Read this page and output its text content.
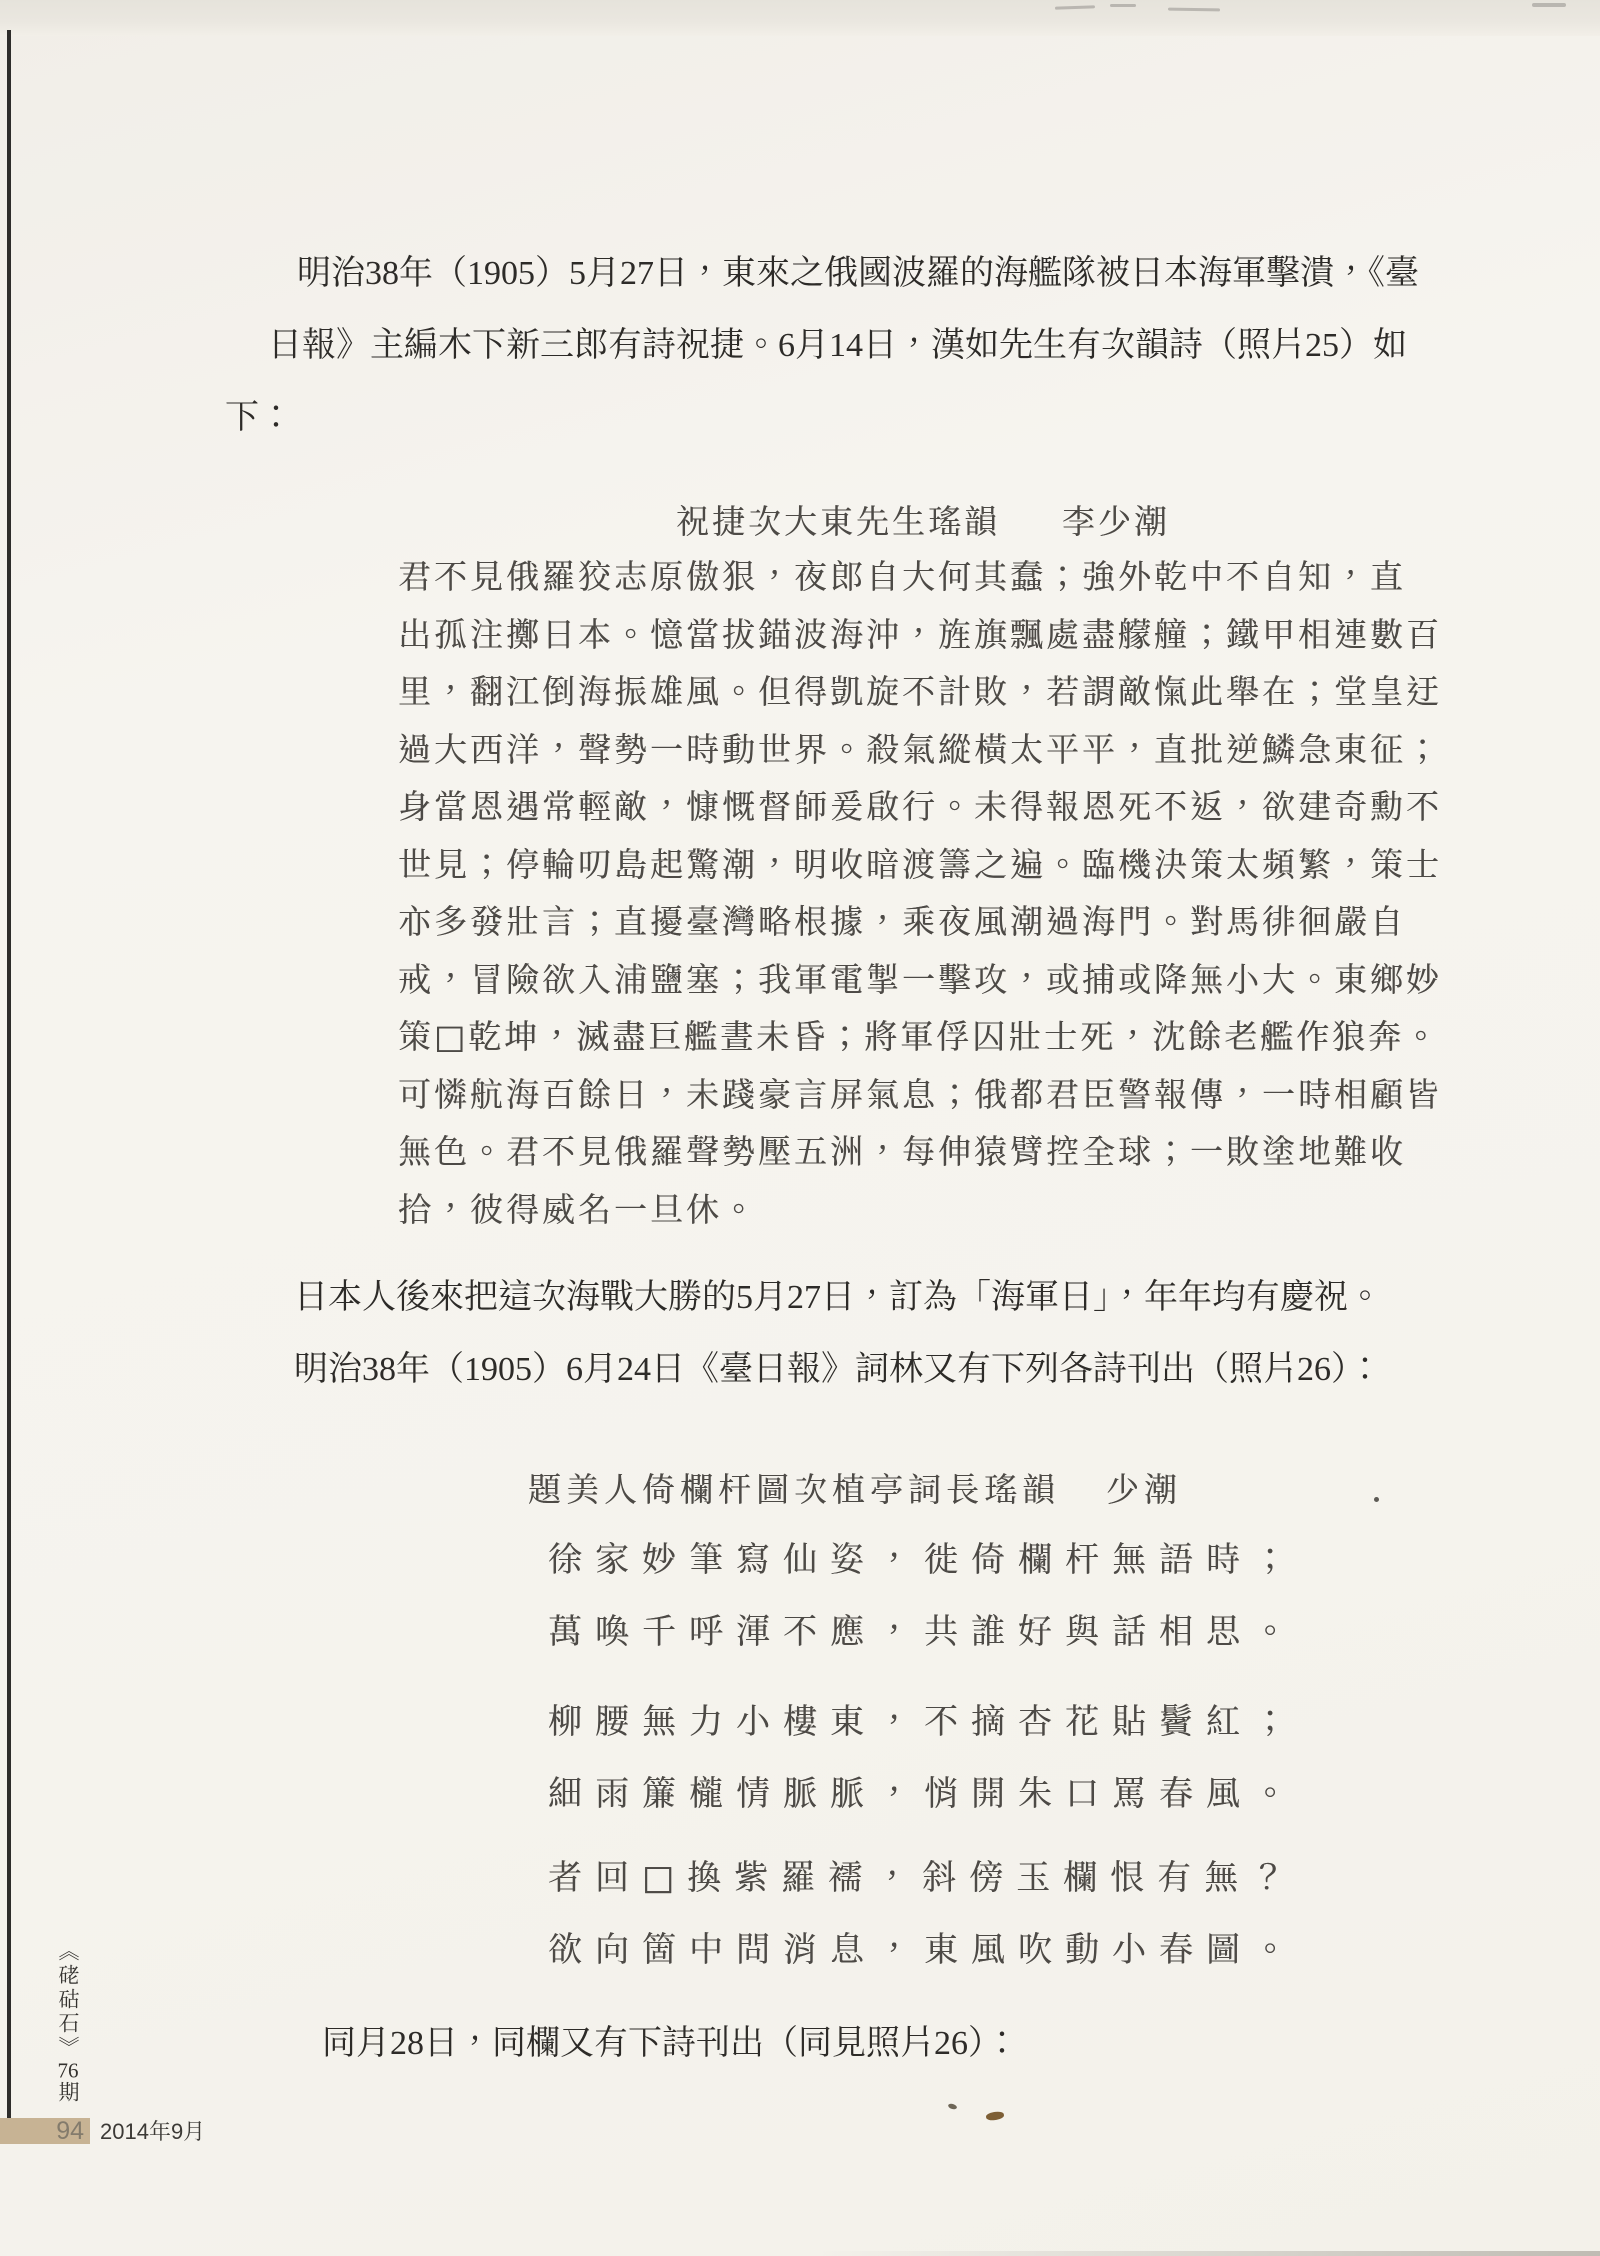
明治38年（1905）5月27日，東來之俄國波羅的海艦隊被日本海軍擊潰，《臺
日報》主編木下新三郎有詩祝捷。6月14日，漢如先生有次韻詩（照片25）如
下：
祝捷次大東先生瑤韻 李少潮
君不見俄羅狡志原傲狠，夜郎自大何其蠢；強外乾中不自知，直
出孤注擲日本。憶當拔錨波海沖，旌旗飄處盡艨艟；鐵甲相連數百
里，翻江倒海振雄風。但得凱旋不計敗，若謂敵愾此舉在；堂皇迂
過大西洋，聲勢一時動世界。殺氣縱橫太平平，直批逆鱗急東征；
身當恩遇常輕敵，慷慨督師爰啟行。未得報恩死不返，欲建奇勳不
世見；停輪叨島起驚潮，明收暗渡籌之遍。臨機決策太頻繁，策士
亦多發壯言；直擾臺灣略根據，乘夜風潮過海門。對馬徘徊嚴自
戒，冒險欲入浦鹽塞；我軍電掣一擊攻，或捕或降無小大。東鄉妙
策□乾坤，滅盡巨艦晝未昏；將軍俘囚壯士死，沈餘老艦作狼奔。
可憐航海百餘日，未踐豪言屏氣息；俄都君臣警報傳，一時相顧皆
無色。君不見俄羅聲勢壓五洲，每伸猿臂控全球；一敗塗地難收
拾，彼得威名一旦休。
日本人後來把這次海戰大勝的5月27日，訂為「海軍日」，年年均有慶祝。
明治38年（1905）6月24日《臺日報》詞林又有下列各詩刊出（照片26）：
題美人倚欄杆圖次植亭詞長瑤韻 少潮
徐家妙筆寫仙姿，徙倚欄杆無語時；
萬喚千呼渾不應，共誰好與話相思。
柳腰無力小樓東，不摘杏花貼鬢紅；
細雨簾櫳情脈脈，悄開朱口罵春風。
者回□換紫羅襦，斜傍玉欄恨有無？
欲向箇中問消息，東風吹動小春圖。
同月28日，同欄又有下詩刊出（同見照片26）：
《硓𥑮石》76期
94 2014年9月
